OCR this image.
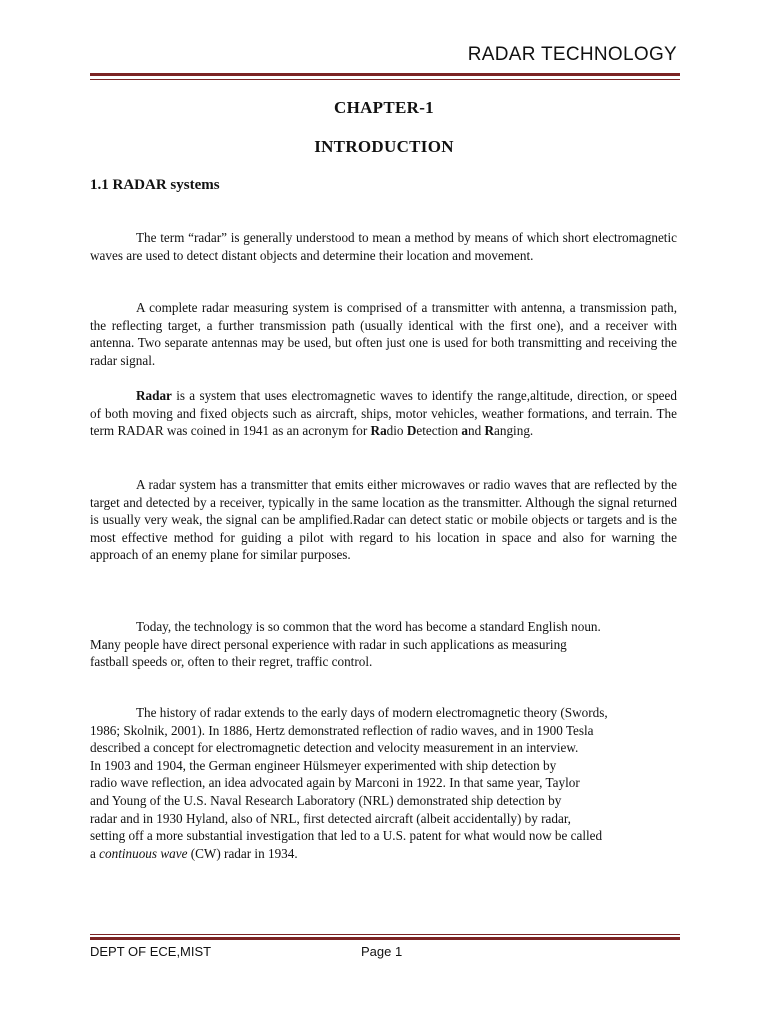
RADAR TECHNOLOGY
CHAPTER-1
INTRODUCTION
1.1 RADAR systems

The term “radar” is generally understood to mean a method by means of which short electromagnetic waves are used to detect distant objects and determine their location and movement.

A complete radar measuring system is comprised of a transmitter with antenna, a transmission path, the reflecting target, a further transmission path (usually identical with the first one), and a receiver with antenna. Two separate antennas may be used, but often just one is used for both transmitting and receiving the radar signal.

Radar is a system that uses electromagnetic waves to identify the range,altitude, direction, or speed of both moving and fixed objects such as aircraft, ships, motor vehicles, weather formations, and terrain. The term RADAR was coined in 1941 as an acronym for Radio Detection and Ranging.

A radar system has a transmitter that emits either microwaves or radio waves that are reflected by the target and detected by a receiver, typically in the same location as the transmitter. Although the signal returned is usually very weak, the signal can be amplified.Radar can detect static or mobile objects or targets and is the most effective method for guiding a pilot with regard to his location in space and also for warning the approach of an enemy plane for similar purposes.

Today, the technology is so common that the word has become a standard English noun.
Many people have direct personal experience with radar in such applications as measuring
fastball speeds or, often to their regret, traffic control.
The history of radar extends to the early days of modern electromagnetic theory (Swords,
1986; Skolnik, 2001). In 1886, Hertz demonstrated reflection of radio waves, and in 1900 Tesla
described a concept for electromagnetic detection and velocity measurement in an interview.
In 1903 and 1904, the German engineer Hülsmeyer experimented with ship detection by
radio wave reflection, an idea advocated again by Marconi in 1922. In that same year, Taylor
and Young of the U.S. Naval Research Laboratory (NRL) demonstrated ship detection by
radar and in 1930 Hyland, also of NRL, first detected aircraft (albeit accidentally) by radar,
setting off a more substantial investigation that led to a U.S. patent for what would now be called
a continuous wave (CW) radar in 1934.
DEPT OF ECE,MIST	Page 1
